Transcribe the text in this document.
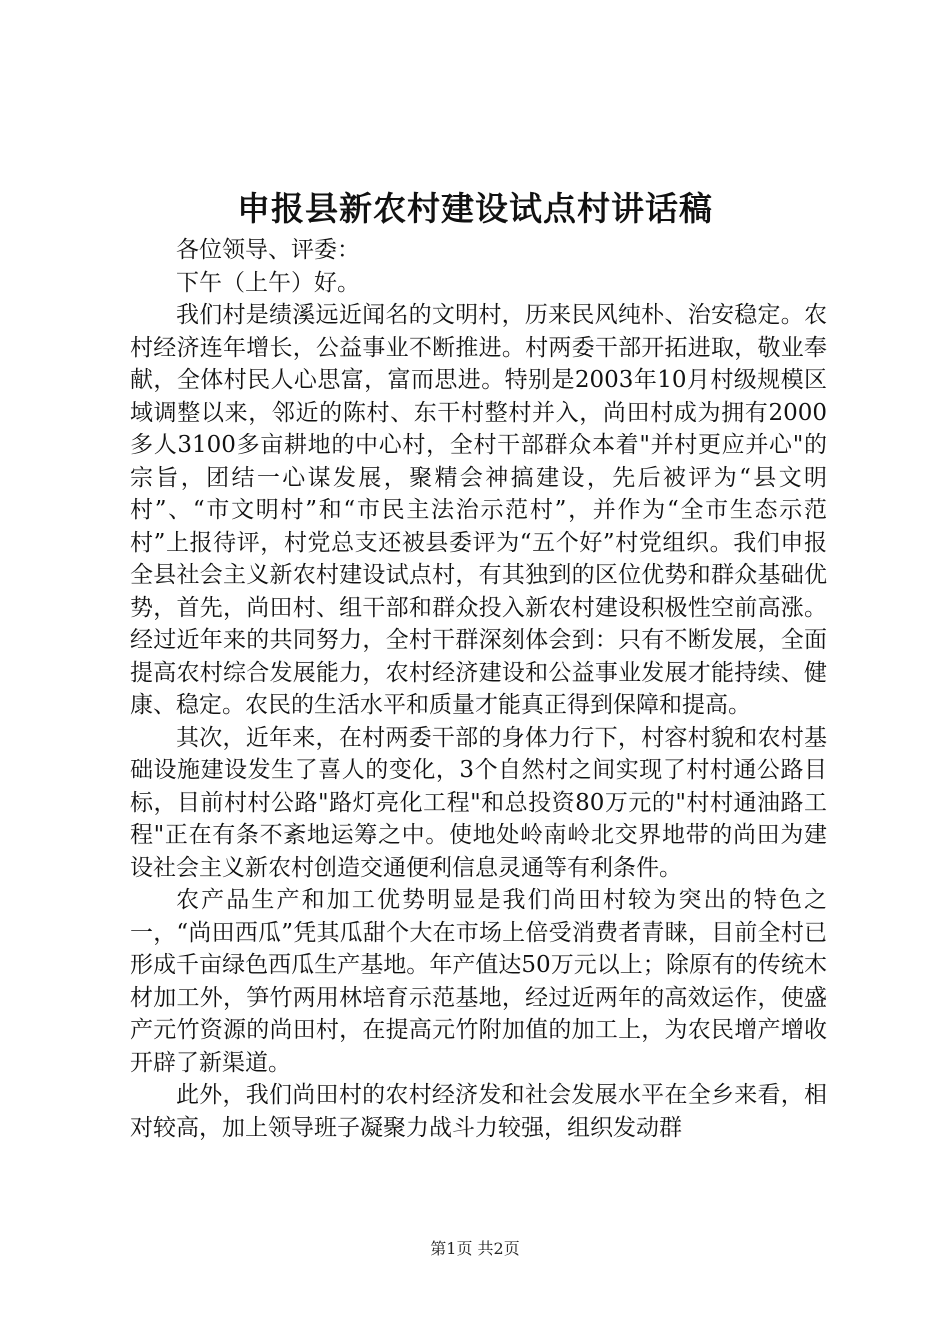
申报县新农村建设试点村讲话稿

各位领导、评委：

下午（上午）好。

我们村是绩溪远近闻名的文明村，历来民风纯朴、治安稳定。农村经济连年增长，公益事业不断推进。村两委干部开拓进取，敬业奉献，全体村民人心思富，富而思进。特别是2003年10月村级规模区域调整以来，邻近的陈村、东干村整村并入，尚田村成为拥有2000多人3100多亩耕地的中心村，全村干部群众本着"并村更应并心"的宗旨，团结一心谋发展，聚精会神搞建设，先后被评为“县文明村”、“市文明村”和“市民主法治示范村”，并作为“全市生态示范村”上报待评，村党总支还被县委评为“五个好”村党组织。我们申报全县社会主义新农村建设试点村，有其独到的区位优势和群众基础优势，首先，尚田村、组干部和群众投入新农村建设积极性空前高涨。经过近年来的共同努力，全村干群深刻体会到：只有不断发展，全面提高农村综合发展能力，农村经济建设和公益事业发展才能持续、健康、稳定。农民的生活水平和质量才能真正得到保障和提高。

其次，近年来，在村两委干部的身体力行下，村容村貌和农村基础设施建设发生了喜人的变化，3个自然村之间实现了村村通公路目标，目前村村公路"路灯亮化工程"和总投资80万元的"村村通油路工程"正在有条不紊地运筹之中。使地处岭南岭北交界地带的尚田为建设社会主义新农村创造交通便利信息灵通等有利条件。

农产品生产和加工优势明显是我们尚田村较为突出的特色之一，“尚田西瓜”凭其瓜甜个大在市场上倍受消费者青睐，目前全村已形成千亩绿色西瓜生产基地。年产值达50万元以上；除原有的传统木材加工外，笋竹两用林培育示范基地，经过近两年的高效运作，使盛产元竹资源的尚田村，在提高元竹附加值的加工上，为农民增产增收开辟了新渠道。

此外，我们尚田村的农村经济发和社会发展水平在全乡来看，相对较高，加上领导班子凝聚力战斗力较强，组织发动群

第1页 共2页
